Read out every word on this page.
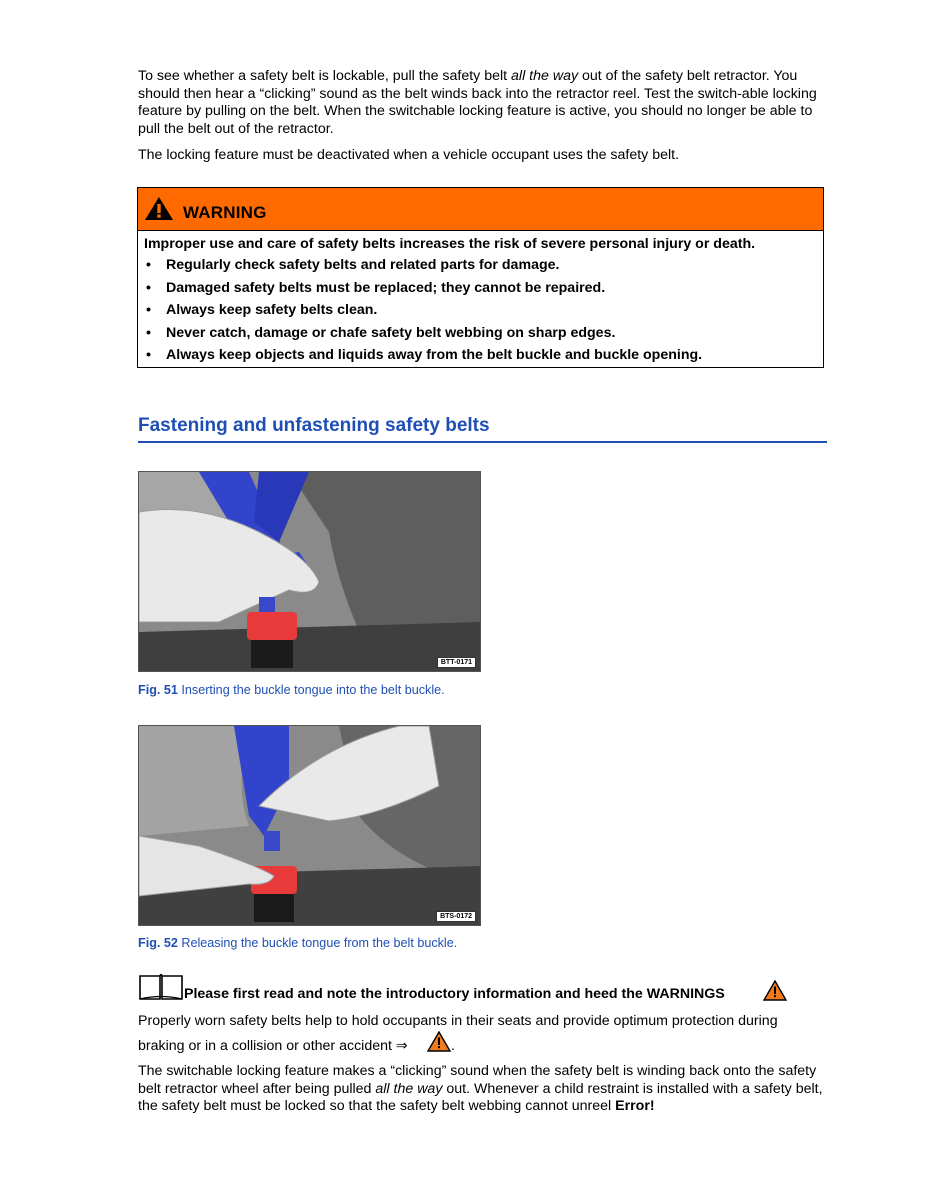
To see whether a safety belt is lockable, pull the safety belt all the way out of the safety belt retractor. You should then hear a “clicking” sound as the belt winds back into the retractor reel. Test the switch-able locking feature by pulling on the belt. When the switchable locking feature is active, you should no longer be able to pull the belt out of the retractor.

The locking feature must be deactivated when a vehicle occupant uses the safety belt.

WARNING

Improper use and care of safety belts increases the risk of severe personal injury or death.

• Regularly check safety belts and related parts for damage.
• Damaged safety belts must be replaced; they cannot be repaired.
• Always keep safety belts clean.
• Never catch, damage or chafe safety belt webbing on sharp edges.
• Always keep objects and liquids away from the belt buckle and buckle opening.
Fastening and unfastening safety belts
BTT-0171

Fig. 51 Inserting the buckle tongue into the belt buckle.

BTS-0172

Fig. 52 Releasing the buckle tongue from the belt buckle.

Please first read and note the introductory information and heed the WARNINGS

Properly worn safety belts help to hold occupants in their seats and provide optimum protection during

braking or in a collision or other accident ⇒	.

The switchable locking feature makes a “clicking” sound when the safety belt is winding back onto the safety belt retractor wheel after being pulled all the way out. Whenever a child restraint is installed with a safety belt, the safety belt must be locked so that the safety belt webbing cannot unreel Error!
